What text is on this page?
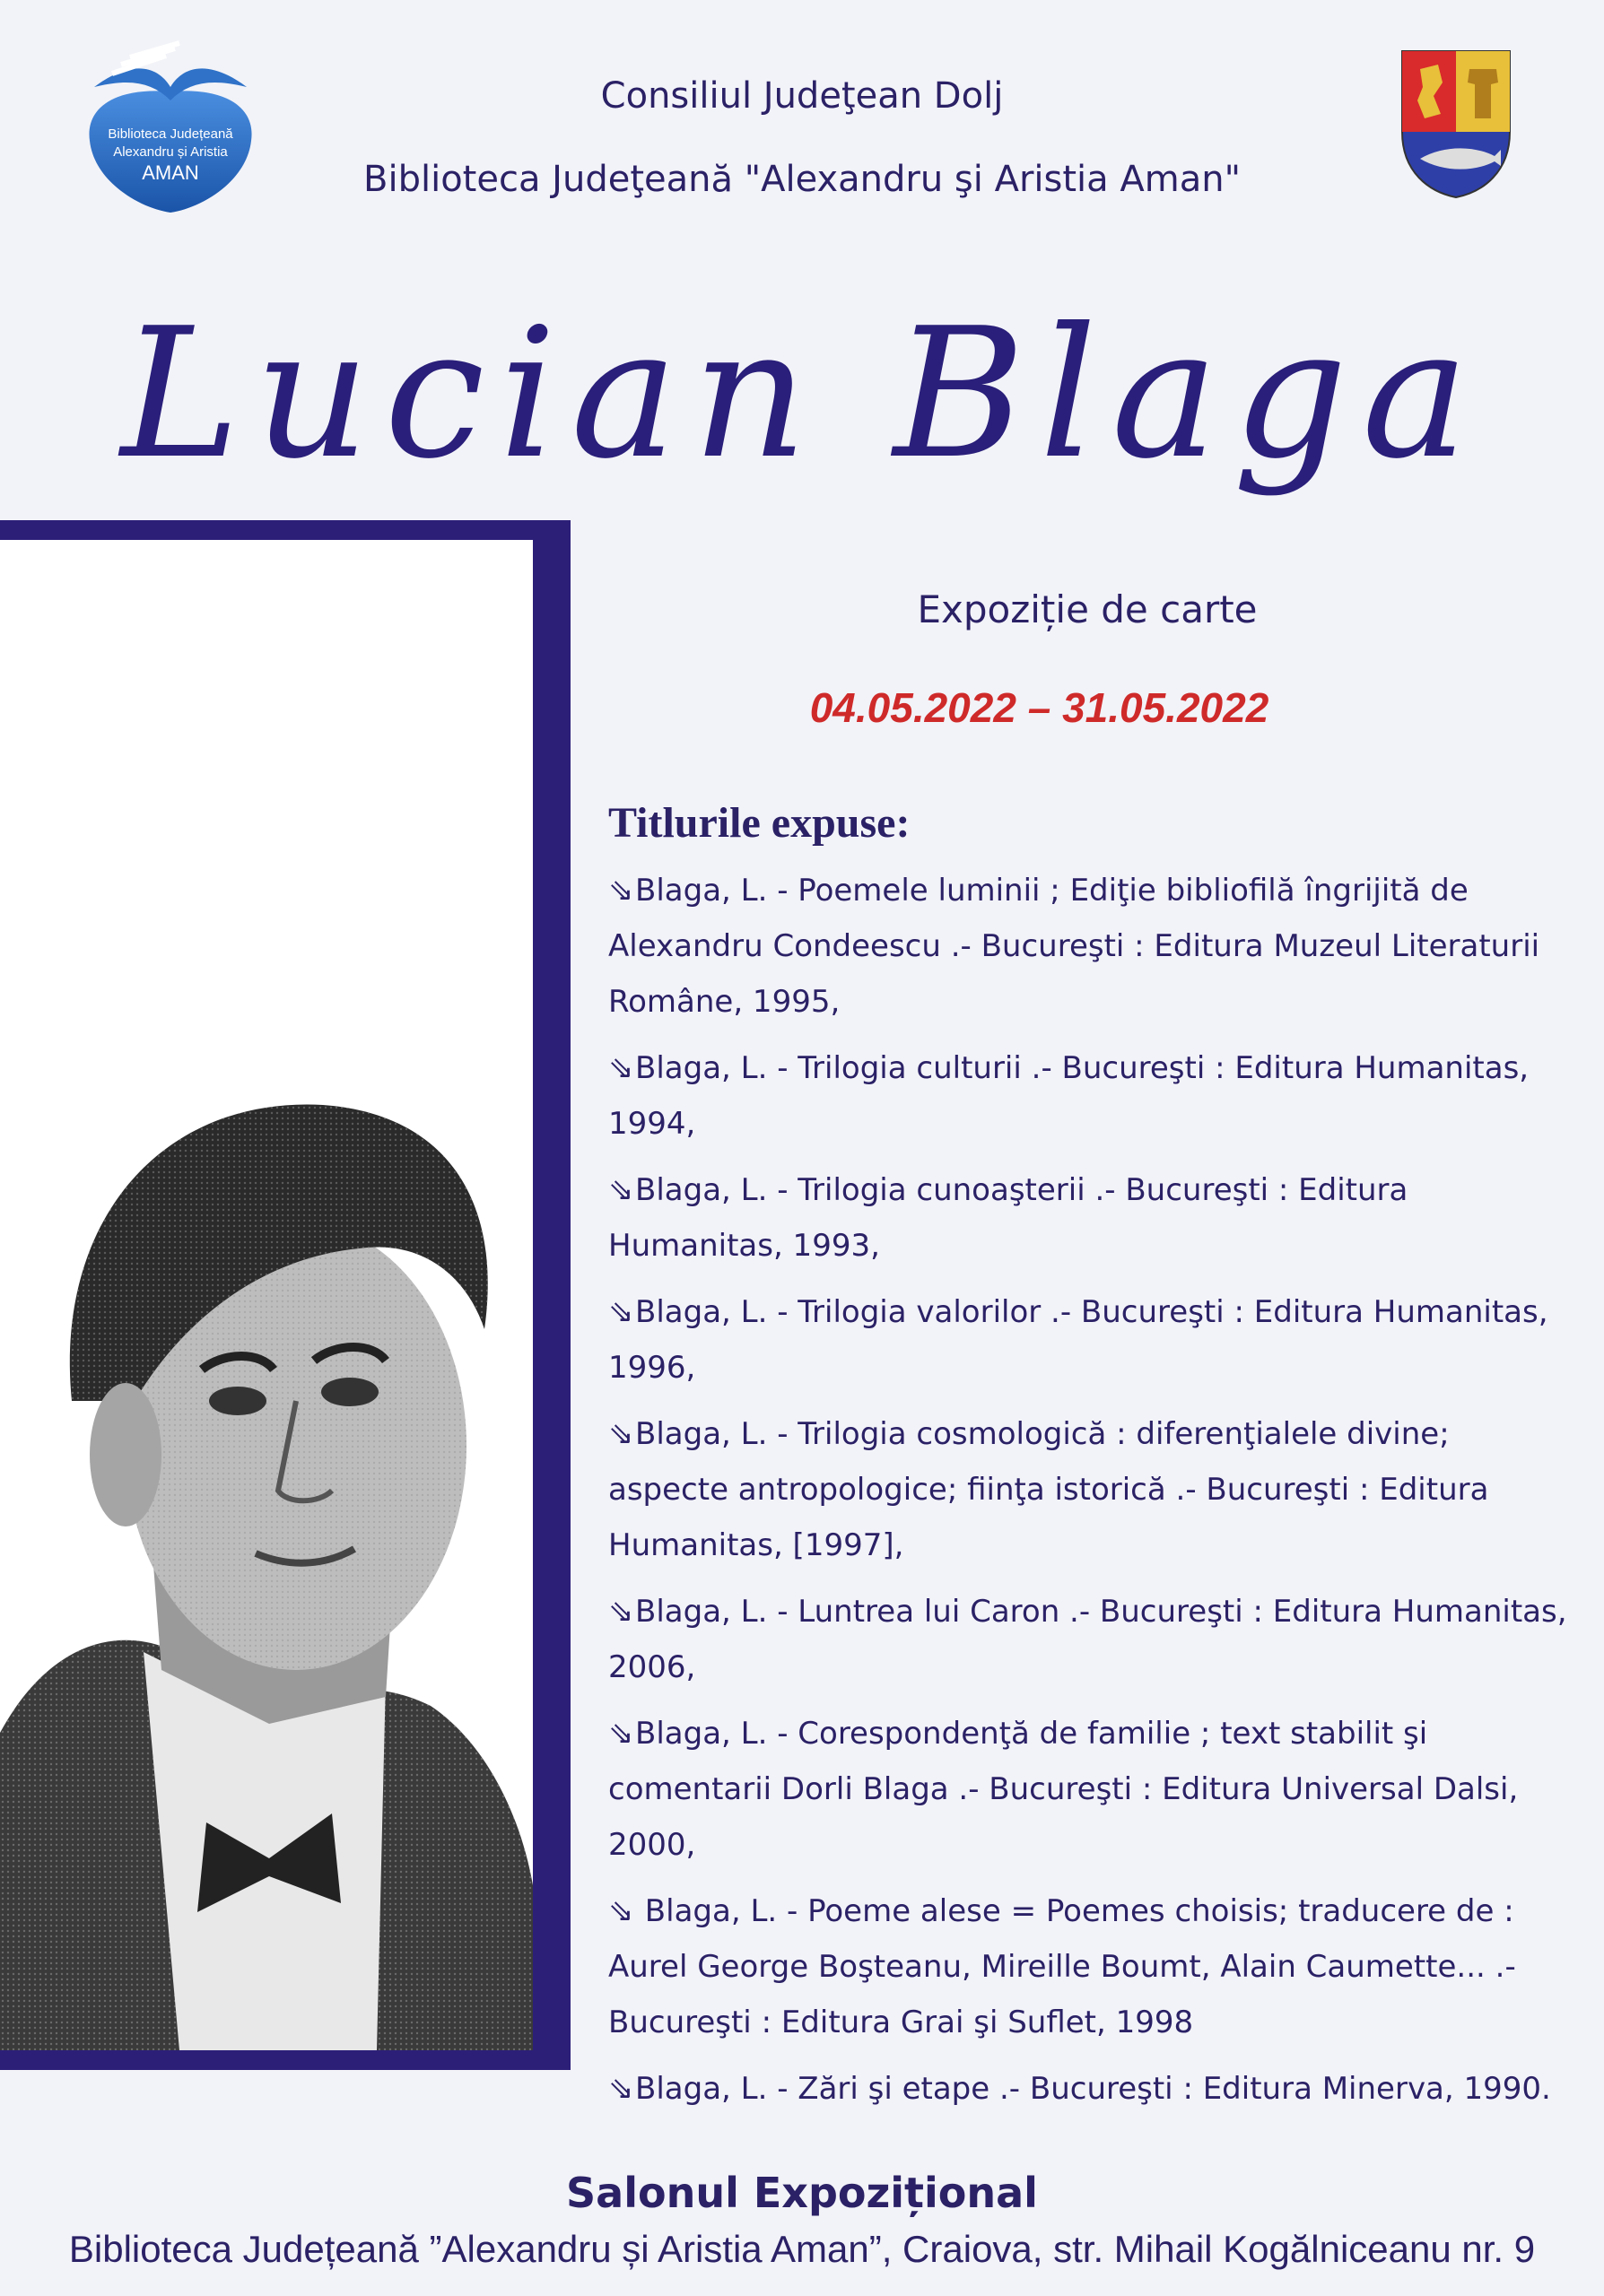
Biblioteca Județeană
Alexandru și Aristia
AMAN
Consiliul Judeţean Dolj
Biblioteca Judeţeană "Alexandru şi Aristia Aman"
Lucian Blaga
Expoziție de carte
04.05.2022 – 31.05.2022
Titlurile expuse:
⇘Blaga, L. - Poemele luminii ; Ediţie bibliofilă îngrijită de Alexandru Condeescu .- Bucureşti : Editura Muzeul Literaturii Române, 1995,
⇘Blaga, L. - Trilogia culturii .- Bucureşti : Editura Humanitas, 1994,
⇘Blaga, L. - Trilogia cunoaşterii .- Bucureşti : Editura Humanitas, 1993,
⇘Blaga, L. - Trilogia valorilor .- Bucureşti : Editura Humanitas, 1996,
⇘Blaga, L. - Trilogia cosmologică : diferenţialele divine; aspecte antropologice; fiinţa istorică .- Bucureşti : Editura Humanitas, [1997],
⇘Blaga, L. - Luntrea lui Caron .- Bucureşti : Editura Humanitas, 2006,
⇘Blaga, L. - Corespondenţă de familie ; text stabilit şi comentarii Dorli Blaga .- Bucureşti : Editura Universal Dalsi, 2000,
⇘ Blaga, L. - Poeme alese = Poemes choisis; traducere de : Aurel George Boşteanu, Mireille Boumt, Alain Caumette... .- Bucureşti : Editura Grai şi Suflet, 1998
⇘Blaga, L. - Zări şi etape .- Bucureşti : Editura Minerva, 1990.
Salonul Expozițional
Biblioteca Județeană ”Alexandru și Aristia Aman”, Craiova, str. Mihail Kogălniceanu nr. 9
